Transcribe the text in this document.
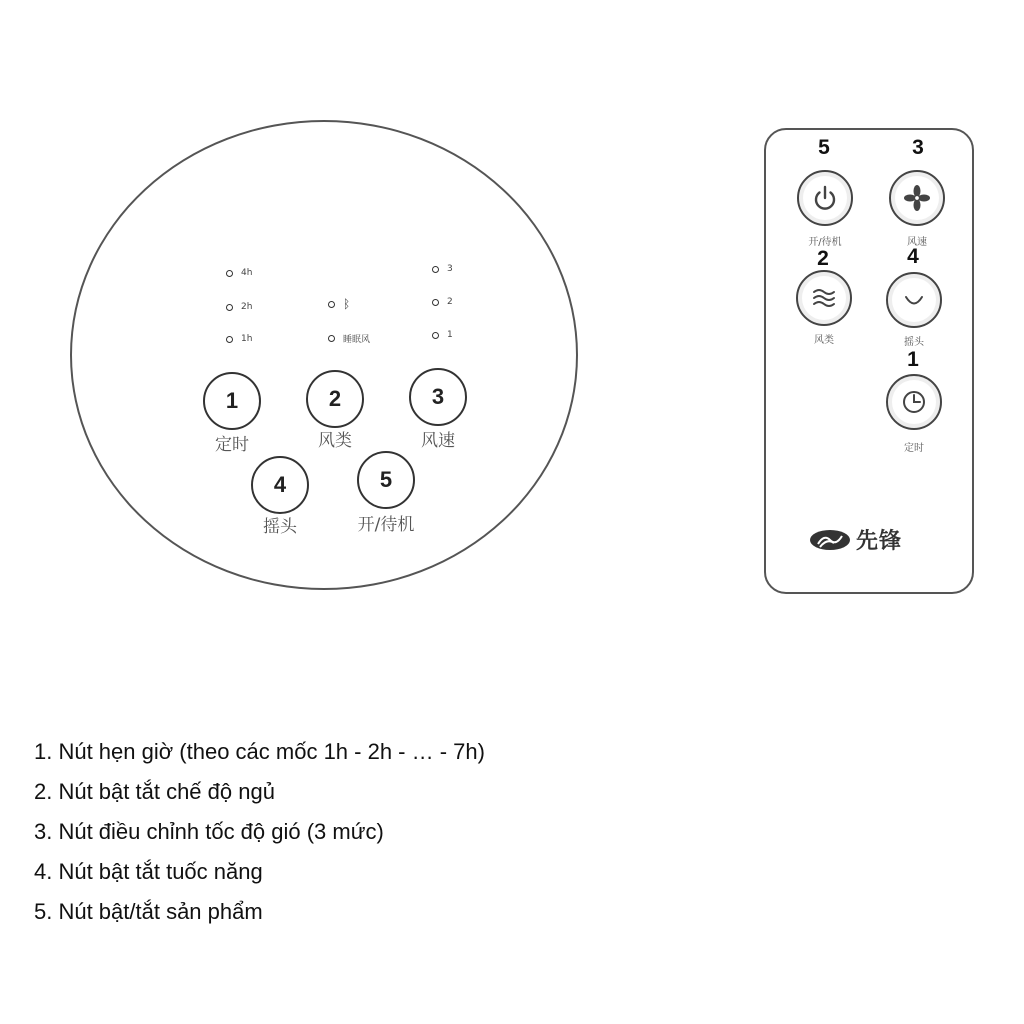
4h
2h
1h
ᛒ
睡眠风
3
2
1
1
定时
2
风类
3
风速
4
摇头
5
开/待机
5
开/待机
3
风速
2
风类
4
摇头
1
定时
先锋
1. Nút hẹn giờ (theo các mốc 1h - 2h - … - 7h)
2. Nút bật tắt chế độ ngủ
3. Nút điều chỉnh tốc độ gió (3 mức)
4. Nút bật tắt tuốc năng
5. Nút bật/tắt sản phẩm
